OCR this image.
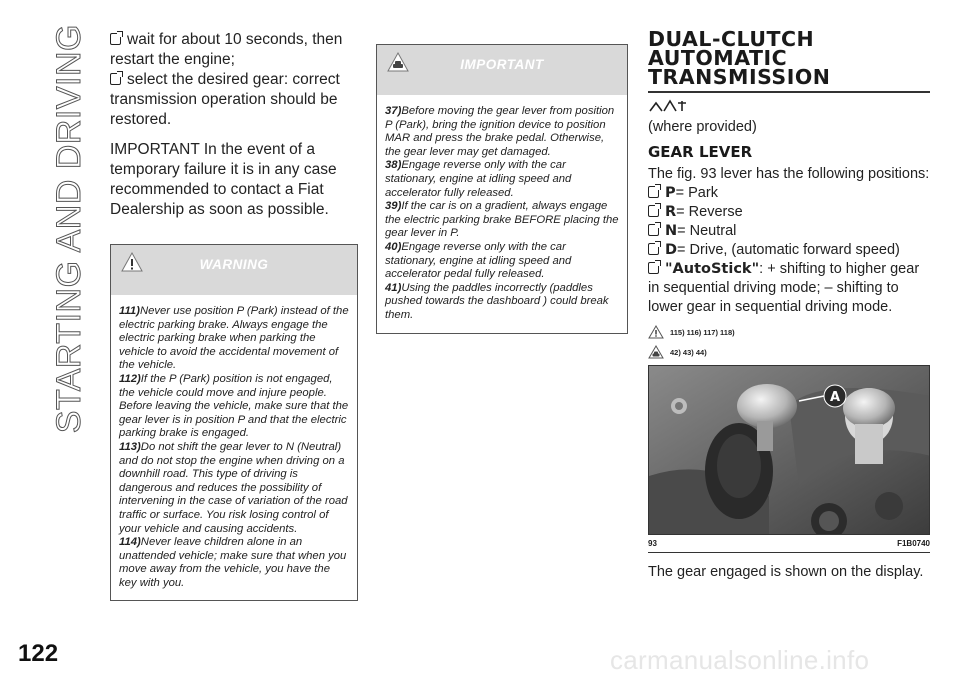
STARTING AND DRIVING
122	carmanualsonline.info
wait for about 10 seconds, then restart the engine;
select the desired gear: correct transmission operation should be restored.
IMPORTANT In the event of a temporary failure it is in any case recommended to contact a Fiat Dealership as soon as possible.
WARNING
111)Never use position P (Park) instead of the electric parking brake. Always engage the electric parking brake when parking the vehicle to avoid the accidental movement of the vehicle.
112)If the P (Park) position is not engaged, the vehicle could move and injure people. Before leaving the vehicle, make sure that the gear lever is in position P and that the electric parking brake is engaged.
113)Do not shift the gear lever to N (Neutral) and do not stop the engine when driving on a downhill road. This type of driving is dangerous and reduces the possibility of intervening in the case of variation of the road traffic or surface. You risk losing control of your vehicle and causing accidents.
114)Never leave children alone in an unattended vehicle; make sure that when you move away from the vehicle, you have the key with you.
IMPORTANT
37)Before moving the gear lever from position P (Park), bring the ignition device to position MAR and press the brake pedal. Otherwise, the gear lever may get damaged.
38)Engage reverse only with the car stationary, engine at idling speed and accelerator fully released.
39)If the car is on a gradient, always engage the electric parking brake BEFORE placing the gear lever in P.
40)Engage reverse only with the car stationary, engine at idling speed and accelerator pedal fully released.
41)Using the paddles incorrectly (paddles pushed towards the dashboard ) could break them.
DUAL-CLUTCH
AUTOMATIC
TRANSMISSION
(where provided)
GEAR LEVER
The fig. 93 lever has the following positions:
P= Park
R= Reverse
N= Neutral
D= Drive, (automatic forward speed)
"AutoStick": + shifting to higher gear in sequential driving mode; – shifting to lower gear in sequential driving mode.
115) 116) 117) 118)
42) 43) 44)
A
93	F1B0740
The gear engaged is shown on the display.
